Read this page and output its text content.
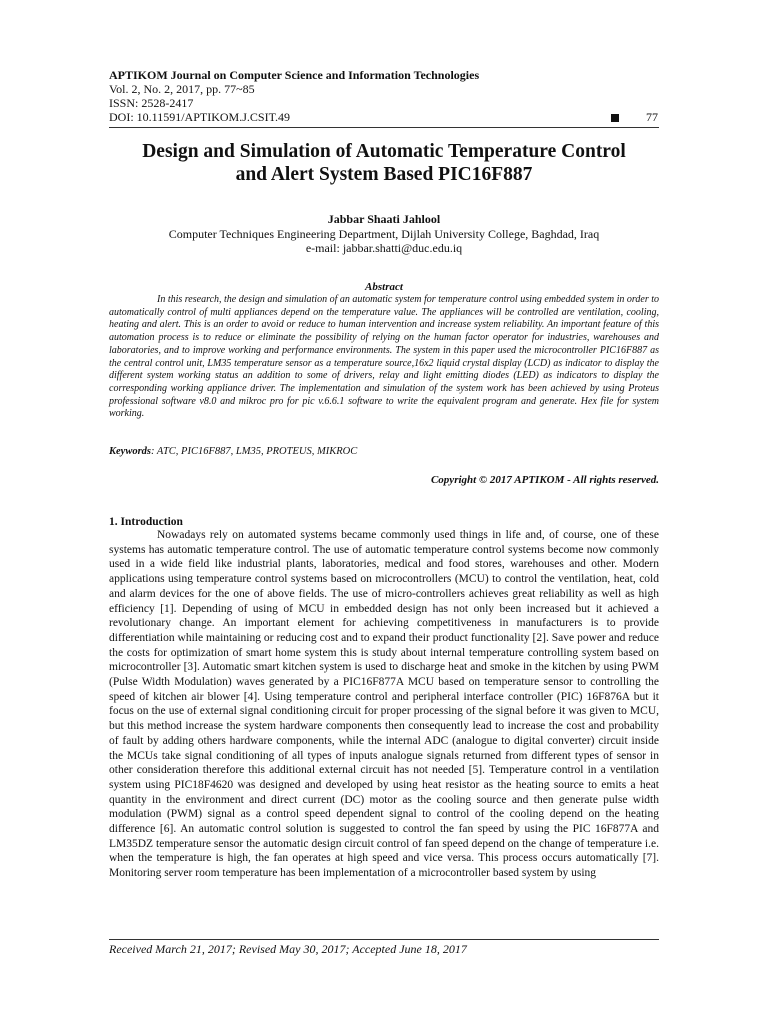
APTIKOM Journal on Computer Science and Information Technologies
Vol. 2, No. 2, 2017, pp. 77~85
ISSN: 2528-2417
DOI: 10.11591/APTIKOM.J.CSIT.49	77
Design and Simulation of Automatic Temperature Control
and Alert System Based PIC16F887
Jabbar Shaati Jahlool
Computer Techniques Engineering Department, Dijlah University College, Baghdad, Iraq
e-mail: jabbar.shatti@duc.edu.iq
Abstract
In this research, the design and simulation of an automatic system for temperature control using embedded system in order to automatically control of multi appliances depend on the temperature value. The appliances will be controlled are ventilation, cooling, heating and alert. This is an order to avoid or reduce to human intervention and increase system reliability. An important feature of this automation process is to reduce or eliminate the possibility of relying on the human factor operator for industries, warehouses and laboratories, and to improve working and performance environments. The system in this paper used the microcontroller PIC16F887 as the central control unit, LM35 temperature sensor as a temperature source,16x2 liquid crystal display (LCD) as indicator to display the different system working status an addition to some of drivers, relay and light emitting diodes (LED) as indicators to display the corresponding working appliance driver. The implementation and simulation of the system work has been achieved by using Proteus professional software v8.0 and mikroc pro for pic v.6.6.1 software to write the equivalent program and generate. Hex file for system working.
Keywords: ATC, PIC16F887, LM35, PROTEUS, MIKROC
Copyright © 2017 APTIKOM - All rights reserved.
1. Introduction
Nowadays rely on automated systems became commonly used things in life and, of course, one of these systems has automatic temperature control. The use of automatic temperature control systems become now commonly used in a wide field like industrial plants, laboratories, medical and food stores, warehouses and other. Modern applications using temperature control systems based on microcontrollers (MCU) to control the ventilation, heat, cold and alarm devices for the one of above fields. The use of micro-controllers achieves great reliability as well as high efficiency [1]. Depending of using of MCU in embedded design has not only been increased but it achieved a revolutionary change. An important element for achieving competitiveness in manufacturers is to provide differentiation while maintaining or reducing cost and to expand their product functionality [2]. Save power and reduce the costs for optimization of smart home system this is study about internal temperature controlling system based on microcontroller [3]. Automatic smart kitchen system is used to discharge heat and smoke in the kitchen by using PWM (Pulse Width Modulation) waves generated by a PIC16F877A MCU based on temperature sensor to controlling the speed of kitchen air blower [4]. Using temperature control and peripheral interface controller (PIC) 16F876A but it focus on the use of external signal conditioning circuit for proper processing of the signal before it was given to MCU, but this method increase the system hardware components then consequently lead to increase the cost and probability of fault by adding others hardware components, while the internal ADC (analogue to digital converter) circuit inside the MCUs take signal conditioning of all types of inputs analogue signals returned from different types of sensor in other consideration therefore this additional external circuit has not needed [5]. Temperature control in a ventilation system using PIC18F4620 was designed and developed by using heat resistor as the heating source to emits a heat quantity in the environment and direct current (DC) motor as the cooling source and then generate pulse width modulation (PWM) signal as a control speed dependent signal to control of the cooling depend on the heating difference [6]. An automatic control solution is suggested to control the fan speed by using the PIC 16F877A and LM35DZ temperature sensor the automatic design circuit control of fan speed depend on the change of temperature i.e. when the temperature is high, the fan operates at high speed and vice versa. This process occurs automatically [7]. Monitoring server room temperature has been implementation of a microcontroller based system by using
Received March 21, 2017; Revised May 30, 2017; Accepted June 18, 2017
